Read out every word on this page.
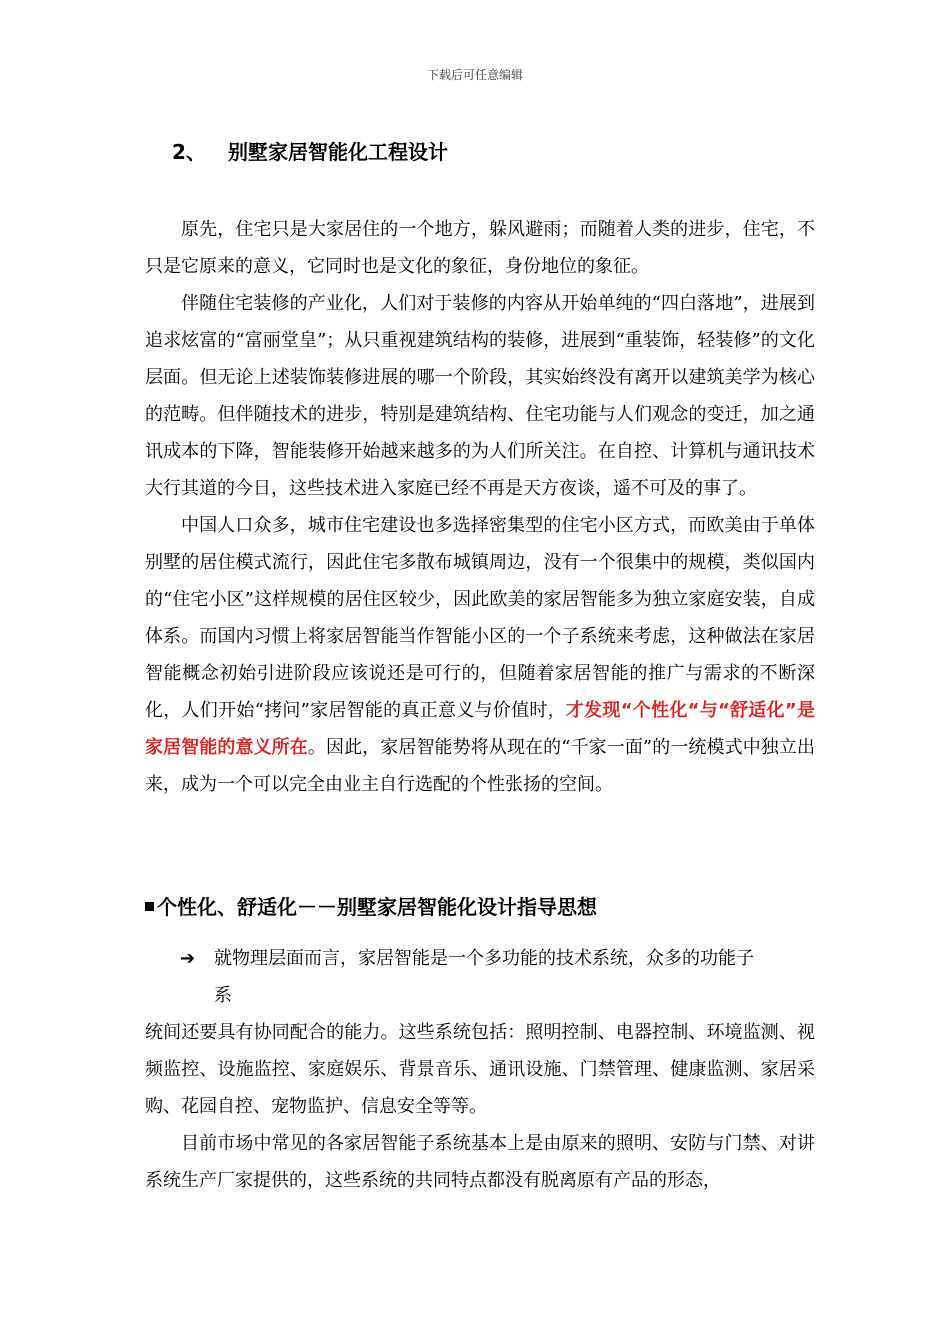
下载后可任意编辑
2、 别墅家居智能化工程设计

原先，住宅只是大家居住的一个地方，躲风避雨；而随着人类的进步，住宅，不只是它原来的意义，它同时也是文化的象征，身份地位的象征。

伴随住宅装修的产业化，人们对于装修的内容从开始单纯的“四白落地”，进展到追求炫富的“富丽堂皇”；从只重视建筑结构的装修，进展到“重装饰，轻装修”的文化层面。但无论上述装饰装修进展的哪一个阶段，其实始终没有离开以建筑美学为核心的范畴。但伴随技术的进步，特别是建筑结构、住宅功能与人们观念的变迁，加之通讯成本的下降，智能装修开始越来越多的为人们所关注。在自控、计算机与通讯技术大行其道的今日，这些技术进入家庭已经不再是天方夜谈，遥不可及的事了。

中国人口众多，城市住宅建设也多选择密集型的住宅小区方式，而欧美由于单体别墅的居住模式流行，因此住宅多散布城镇周边，没有一个很集中的规模，类似国内的“住宅小区”这样规模的居住区较少，因此欧美的家居智能多为独立家庭安装，自成体系。而国内习惯上将家居智能当作智能小区的一个子系统来考虑，这种做法在家居智能概念初始引进阶段应该说还是可行的，但随着家居智能的推广与需求的不断深化，人们开始“拷问”家居智能的真正意义与价值时，才发现“个性化“与“舒适化”是家居智能的意义所在。因此，家居智能势将从现在的“千家一面”的一统模式中独立出来，成为一个可以完全由业主自行选配的个性张扬的空间。

个性化、舒适化－－别墅家居智能化设计指导思想
➔ 就物理层面而言，家居智能是一个多功能的技术系统，众多的功能子
系

统间还要具有协同配合的能力。这些系统包括：照明控制、电器控制、环境监测、视频监控、设施监控、家庭娱乐、背景音乐、通讯设施、门禁管理、健康监测、家居采购、花园自控、宠物监护、信息安全等等。

目前市场中常见的各家居智能子系统基本上是由原来的照明、安防与门禁、对讲系统生产厂家提供的，这些系统的共同特点都没有脱离原有产品的形态，
